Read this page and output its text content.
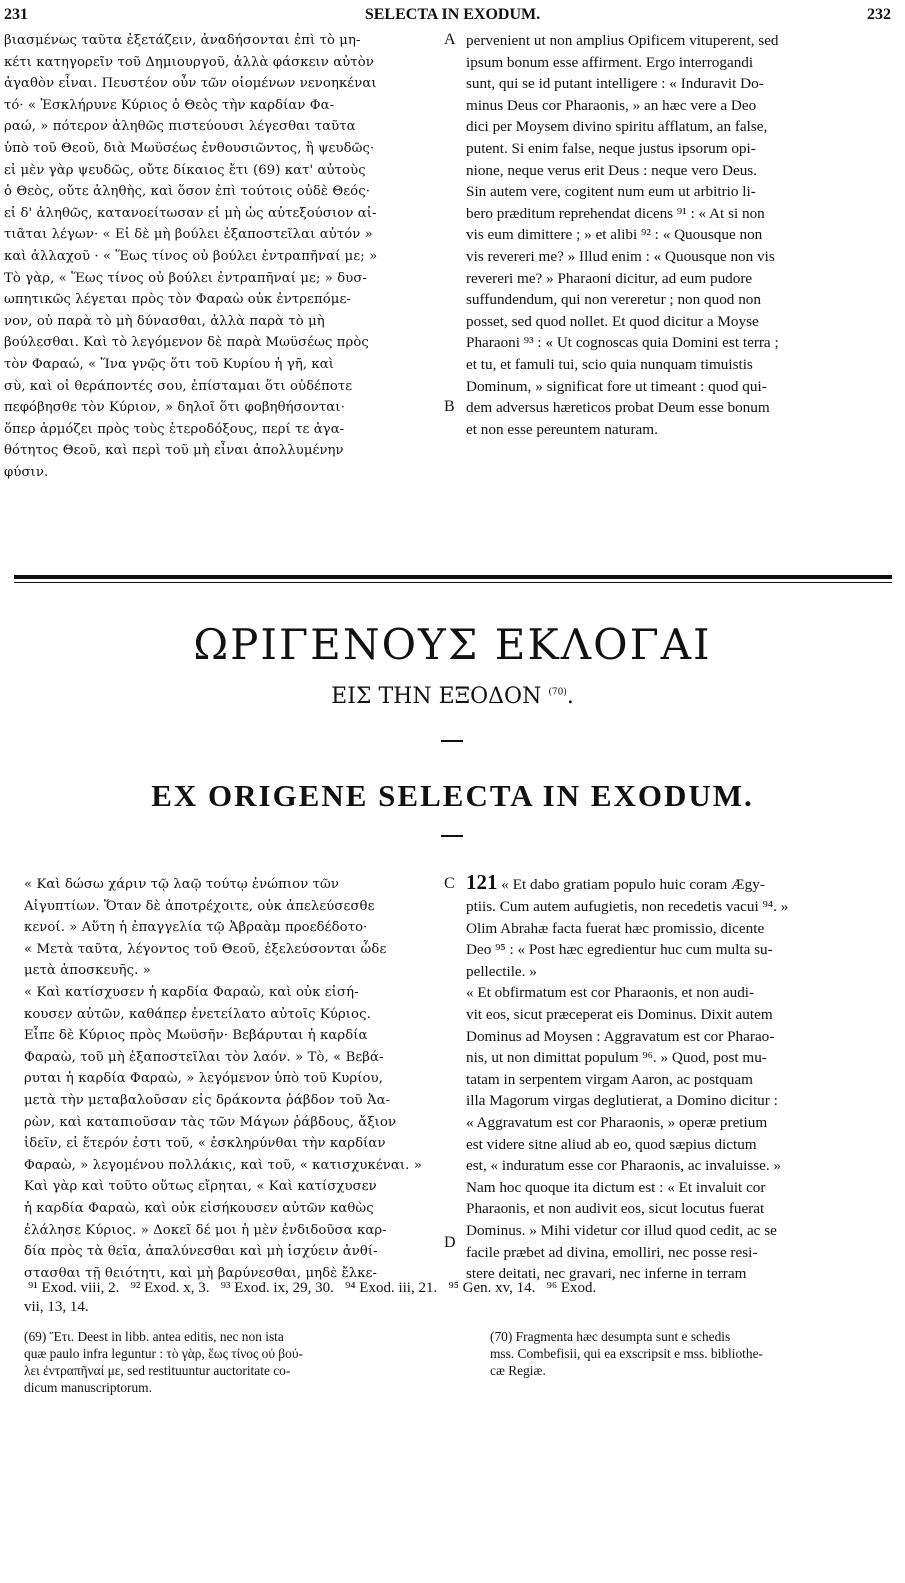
231	SELECTA IN EXODUM.	232
βιασμένως ταῦτα ἐξετάζειν, ἀναδήσονται ἐπὶ τὸ μη-
κέτι κατηγορεῖν τοῦ Δημιουργοῦ, ἀλλὰ φάσκειν αὐτὸν
ἀγαθὸν εἶναι. Πευστέον οὖν τῶν οἰομένων νενοηκέναι
τό· « Ἐσκλήρυνε Κύριος ὁ Θεὸς τὴν καρδίαν Φα-
ραώ, » πότερον ἀληθῶς πιστεύουσι λέγεσθαι ταῦτα
ὑπὸ τοῦ Θεοῦ, διὰ Μωϋσέως ἐνθουσιῶντος, ἢ ψευδῶς·
εἰ μὲν γὰρ ψευδῶς, οὔτε δίκαιος ἔτι (69) κατ' αὐτοὺς
ὁ Θεὸς, οὔτε ἀληθὴς, καὶ ὅσον ἐπὶ τούτοις οὐδὲ Θεός·
εἰ δ' ἀληθῶς, κατανοείτωσαν εἰ μὴ ὡς αὐτεξούσιον αἰ-
τιᾶται λέγων· « Εἰ δὲ μὴ βούλει ἐξαποστεῖλαι αὐτόν »
καὶ ἀλλαχοῦ · « Ἕως τίνος οὐ βούλει ἐντραπῆναί με; »
Τὸ γὰρ, « Ἕως τίνος οὐ βούλει ἐντραπῆναί με; » δυσ-
ωπητικῶς λέγεται πρὸς τὸν Φαραὼ οὐκ ἐντρεπόμε-
νον, οὐ παρὰ τὸ μὴ δύνασθαι, ἀλλὰ παρὰ τὸ μὴ
βούλεσθαι. Καὶ τὸ λεγόμενον δὲ παρὰ Μωϋσέως πρὸς
τὸν Φαραώ, « Ἵνα γνῷς ὅτι τοῦ Κυρίου ἡ γῆ, καὶ
σὺ, καὶ οἱ θεράποντές σου, ἐπίσταμαι ὅτι οὐδέποτε
πεφόβησθε τὸν Κύριον, » δηλοῖ ὅτι φοβηθήσονται·
ὅπερ ἁρμόζει πρὸς τοὺς ἑτεροδόξους, περί τε ἀγα-
θότητος Θεοῦ, καὶ περὶ τοῦ μὴ εἶναι ἀπολλυμένην
φύσιν.
pervenient ut non amplius Opificem vituperent, sed
ipsum bonum esse affirment. Ergo interrogandi
sunt, qui se id putant intelligere : « Induravit Do-
minus Deus cor Pharaonis, » an hæc vere a Deo
dici per Moysem divino spiritu afflatum, an false,
putent. Si enim false, neque justus ipsorum opi-
nione, neque verus erit Deus : neque vero Deus.
Sin autem vere, cogitent num eum ut arbitrio li-
bero præditum reprehendat dicens ⁹¹ : « At si non
vis eum dimittere ; » et alibi ⁹² : « Quousque non
vis revereri me? » Illud enim : « Quousque non vis
revereri me? » Pharaoni dicitur, ad eum pudore
suffundendum, qui non vereretur ; non quod non
posset, sed quod nollet. Et quod dicitur a Moyse
Pharaoni ⁹³ : « Ut cognoscas quia Domini est terra ;
et tu, et famuli tui, scio quia nunquam timuistis
Dominum, » significat fore ut timeant : quod qui-
dem adversus hæreticos probat Deum esse bonum
et non esse pereuntem naturam.
A
B
C
D
ΩΡΙΓΕΝΟΥΣ ΕΚΛΟΓΑΙ
ΕΙΣ ΤΗΝ ΕΞΟΔΟΝ $^{(70)}$.
EX ORIGENE SELECTA IN EXODUM.
« Καὶ δώσω χάριν τῷ λαῷ τούτῳ ἐνώπιον τῶν
Αἰγυπτίων. Ὅταν δὲ ἀποτρέχοιτε, οὐκ ἀπελεύσεσθε
κενοί. » Αὕτη ἡ ἐπαγγελία τῷ Ἀβραὰμ προεδέδοτο·
« Μετὰ ταῦτα, λέγοντος τοῦ Θεοῦ, ἐξελεύσονται ὧδε
μετὰ ἀποσκευῆς. »
« Καὶ κατίσχυσεν ἡ καρδία Φαραὼ, καὶ οὐκ εἰσή-
κουσεν αὐτῶν, καθάπερ ἐνετείλατο αὐτοῖς Κύριος.
Εἶπε δὲ Κύριος πρὸς Μωϋσῆν· Βεβάρυται ἡ καρδία
Φαραὼ, τοῦ μὴ ἐξαποστεῖλαι τὸν λαόν. » Τὸ, « Βεβά-
ρυται ἡ καρδία Φαραὼ, » λεγόμενον ὑπὸ τοῦ Κυρίου,
μετὰ τὴν μεταβαλοῦσαν εἰς δράκοντα ῥάβδον τοῦ Ἀα-
ρὼν, καὶ καταπιοῦσαν τὰς τῶν Μάγων ῥάβδους, ἄξιον
ἰδεῖν, εἰ ἕτερόν ἐστι τοῦ, « ἐσκληρύνθαι τὴν καρδίαν
Φαραὼ, » λεγομένου πολλάκις, καὶ τοῦ, « κατισχυκέναι. »
Καὶ γὰρ καὶ τοῦτο οὕτως εἴρηται, « Καὶ κατίσχυσεν
ἡ καρδία Φαραὼ, καὶ οὐκ εἰσήκουσεν αὐτῶν καθὼς
ἐλάλησε Κύριος. » Δοκεῖ δέ μοι ἡ μὲν ἐνδιδοῦσα καρ-
δία πρὸς τὰ θεῖα, ἀπαλύνεσθαι καὶ μὴ ἰσχύειν ἀνθί-
στασθαι τῇ θειότητι, καὶ μὴ βαρύνεσθαι, μηδὲ ἔλκε-
121 « Et dabo gratiam populo huic coram Ægy-
ptiis. Cum autem aufugietis, non recedetis vacui ⁹⁴. »
Olim Abrahæ facta fuerat hæc promissio, dicente
Deo ⁹⁵ : « Post hæc egredientur huc cum multa su-
pellectile. »
« Et obfirmatum est cor Pharaonis, et non audi-
vit eos, sicut præceperat eis Dominus. Dixit autem
Dominus ad Moysen : Aggravatum est cor Pharao-
nis, ut non dimittat populum ⁹⁶. » Quod, post mu-
tatam in serpentem virgam Aaron, ac postquam
illa Magorum virgas deglutierat, a Domino dicitur :
« Aggravatum est cor Pharaonis, » operæ pretium
est videre sitne aliud ab eo, quod sæpius dictum
est, « induratum esse cor Pharaonis, ac invaluisse. »
Nam hoc quoque ita dictum est : « Et invaluit cor
Pharaonis, et non audivit eos, sicut locutus fuerat
Dominus. » Mihi videtur cor illud quod cedit, ac se
facile præbet ad divina, emolliri, nec posse resi-
stere deitati, nec gravari, nec inferne in terram
⁹¹ Exod. viii, 2.   ⁹² Exod. x, 3.   ⁹³ Exod. ix, 29, 30.   ⁹⁴ Exod. iii, 21.   ⁹⁵ Gen. xv, 14.   ⁹⁶ Exod.
vii, 13, 14.
(69) Ἔτι. Deest in libb. antea editis, nec non ista
quæ paulo infra leguntur : τὸ γὰρ, ἕως τίνος οὐ βού-
λει ἐντραπῆναί με, sed restituuntur auctoritate co-
dicum manuscriptorum.
(70) Fragmenta hæc desumpta sunt e schedis
mss. Combefisii, qui ea exscripsit e mss. bibliothe-
cæ Regiæ.
